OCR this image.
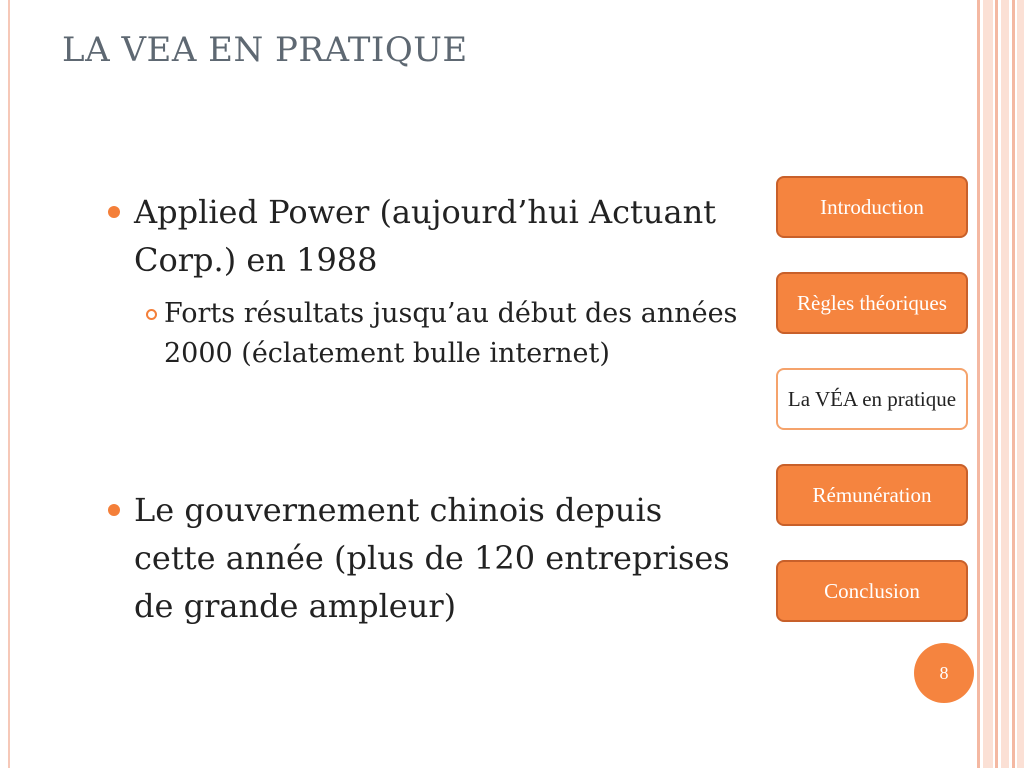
LA VEA EN PRATIQUE
Applied Power (aujourd’hui Actuant Corp.) en 1988
Forts résultats jusqu’au début des années 2000 (éclatement bulle internet)
Le gouvernement chinois depuis cette année (plus de 120 entreprises de grande ampleur)
Introduction
Règles théoriques
La VÉA en pratique
Rémunération
Conclusion
8
